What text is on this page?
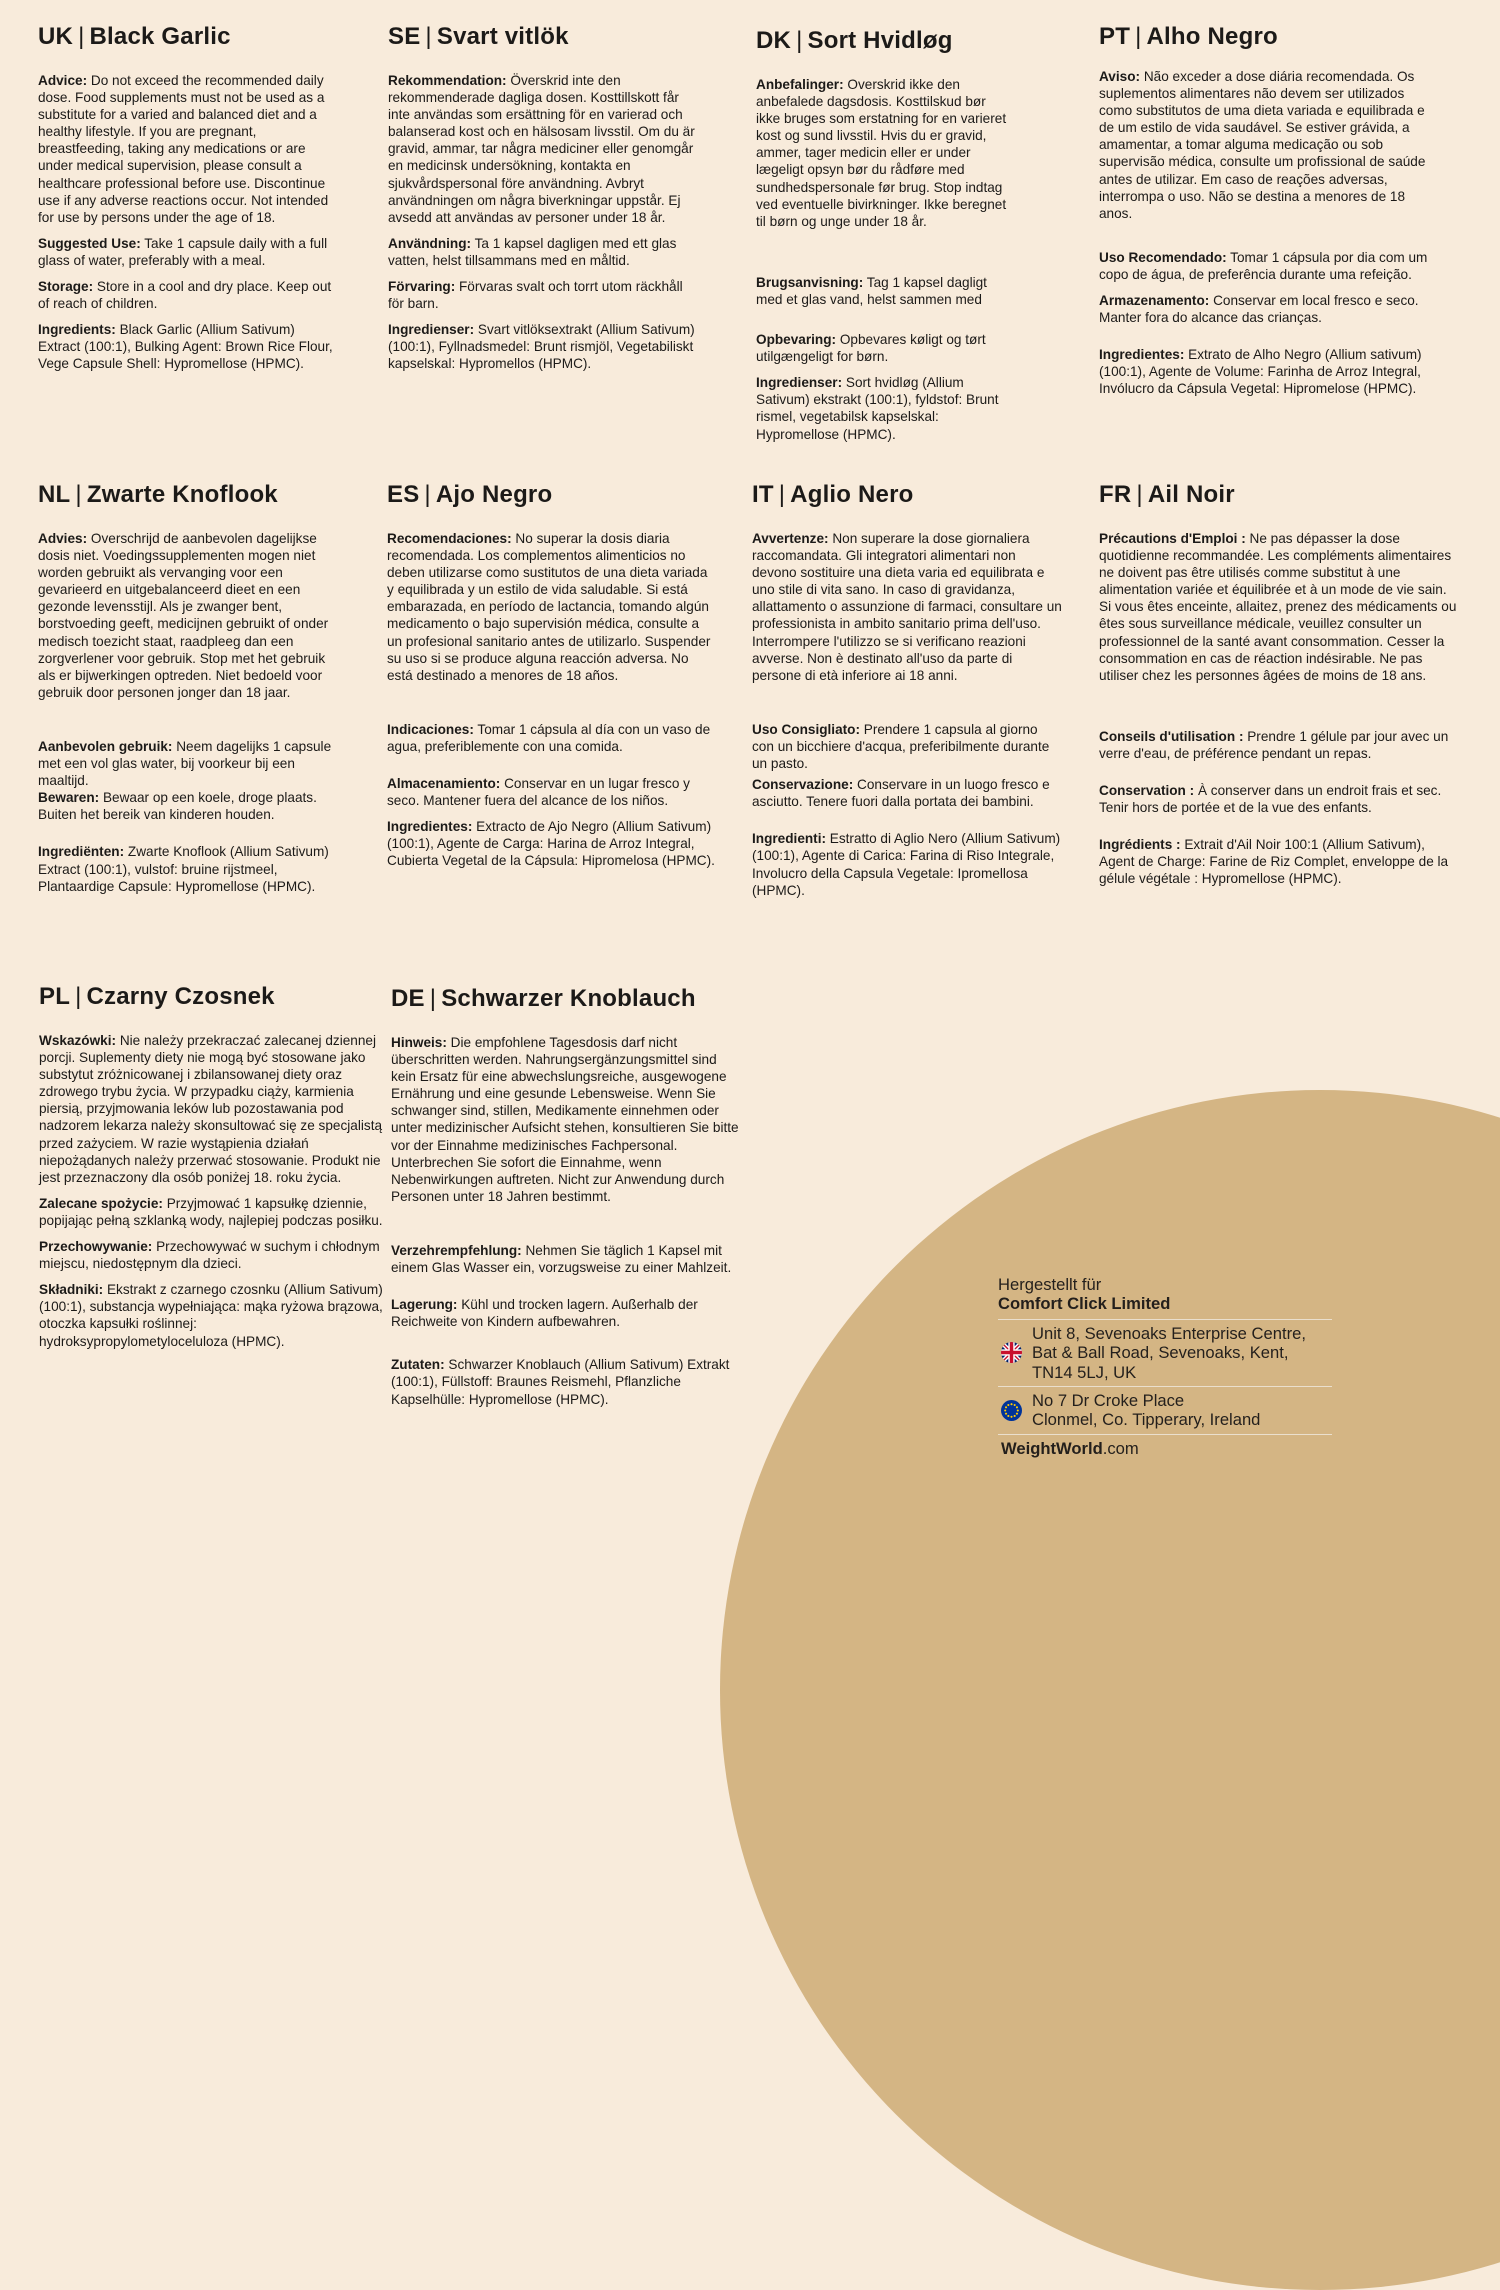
UK | Black Garlic

Advice: Do not exceed the recommended daily dose. Food supplements must not be used as a substitute for a varied and balanced diet and a healthy lifestyle. If you are pregnant, breastfeeding, taking any medications or are under medical supervision, please consult a healthcare professional before use. Discontinue use if any adverse reactions occur. Not intended for use by persons under the age of 18.

Suggested Use: Take 1 capsule daily with a full glass of water, preferably with a meal.

Storage: Store in a cool and dry place. Keep out of reach of children.

Ingredients: Black Garlic (Allium Sativum) Extract (100:1), Bulking Agent: Brown Rice Flour, Vege Capsule Shell: Hypromellose (HPMC).

SE | Svart vitlök

Rekommendation: Överskrid inte den rekommenderade dagliga dosen. Kosttillskott får inte användas som ersättning för en varierad och balanserad kost och en hälsosam livsstil. Om du är gravid, ammar, tar några mediciner eller genomgår en medicinsk undersökning, kontakta en sjukvårdspersonal före användning. Avbryt användningen om några biverkningar uppstår. Ej avsedd att användas av personer under 18 år.

Användning: Ta 1 kapsel dagligen med ett glas vatten, helst tillsammans med en måltid.

Förvaring: Förvaras svalt och torrt utom räckhåll för barn.

Ingredienser: Svart vitlöksextrakt (Allium Sativum) (100:1), Fyllnadsmedel: Brunt rismjöl, Vegetabiliskt kapselskal: Hypromellos (HPMC).

DK | Sort Hvidløg

Anbefalinger: Overskrid ikke den anbefalede dagsdosis. Kosttilskud bør ikke bruges som erstatning for en varieret kost og sund livsstil. Hvis du er gravid, ammer, tager medicin eller er under lægeligt opsyn bør du rådføre med sundhedspersonale før brug. Stop indtag ved eventuelle bivirkninger. Ikke beregnet til børn og unge under 18 år.

Brugsanvisning: Tag 1 kapsel dagligt med et glas vand, helst sammen med

Opbevaring: Opbevares køligt og tørt utilgængeligt for børn.

Ingredienser: Sort hvidløg (Allium Sativum) ekstrakt (100:1), fyldstof: Brunt rismel, vegetabilsk kapselskal: Hypromellose (HPMC).

PT | Alho Negro

Aviso: Não exceder a dose diária recomendada. Os suplementos alimentares não devem ser utilizados como substitutos de uma dieta variada e equilibrada e de um estilo de vida saudável. Se estiver grávida, a amamentar, a tomar alguma medicação ou sob supervisão médica, consulte um profissional de saúde antes de utilizar. Em caso de reações adversas, interrompa o uso. Não se destina a menores de 18 anos.

Uso Recomendado: Tomar 1 cápsula por dia com um copo de água, de preferência durante uma refeição.

Armazenamento: Conservar em local fresco e seco. Manter fora do alcance das crianças.

Ingredientes: Extrato de Alho Negro (Allium sativum) (100:1), Agente de Volume: Farinha de Arroz Integral, Invólucro da Cápsula Vegetal: Hipromelose (HPMC).

NL | Zwarte Knoflook

Advies: Overschrijd de aanbevolen dagelijkse dosis niet. Voedingssupplementen mogen niet worden gebruikt als vervanging voor een gevarieerd en uitgebalanceerd dieet en een gezonde levensstijl. Als je zwanger bent, borstvoeding geeft, medicijnen gebruikt of onder medisch toezicht staat, raadpleeg dan een zorgverlener voor gebruik. Stop met het gebruik als er bijwerkingen optreden. Niet bedoeld voor gebruik door personen jonger dan 18 jaar.

Aanbevolen gebruik: Neem dagelijks 1 capsule met een vol glas water, bij voorkeur bij een maaltijd.

Bewaren: Bewaar op een koele, droge plaats. Buiten het bereik van kinderen houden.

Ingrediënten: Zwarte Knoflook (Allium Sativum) Extract (100:1), vulstof: bruine rijstmeel, Plantaardige Capsule: Hypromellose (HPMC).

ES | Ajo Negro

Recomendaciones: No superar la dosis diaria recomendada. Los complementos alimenticios no deben utilizarse como sustitutos de una dieta variada y equilibrada y un estilo de vida saludable. Si está embarazada, en período de lactancia, tomando algún medicamento o bajo supervisión médica, consulte a un profesional sanitario antes de utilizarlo. Suspender su uso si se produce alguna reacción adversa. No está destinado a menores de 18 años.

Indicaciones: Tomar 1 cápsula al día con un vaso de agua, preferiblemente con una comida.

Almacenamiento: Conservar en un lugar fresco y seco. Mantener fuera del alcance de los niños.

Ingredientes: Extracto de Ajo Negro (Allium Sativum) (100:1), Agente de Carga: Harina de Arroz Integral, Cubierta Vegetal de la Cápsula: Hipromelosa (HPMC).

IT | Aglio Nero

Avvertenze: Non superare la dose giornaliera raccomandata. Gli integratori alimentari non devono sostituire una dieta varia ed equilibrata e uno stile di vita sano. In caso di gravidanza, allattamento o assunzione di farmaci, consultare un professionista in ambito sanitario prima dell'uso. Interrompere l'utilizzo se si verificano reazioni avverse. Non è destinato all'uso da parte di persone di età inferiore ai 18 anni.

Uso Consigliato: Prendere 1 capsula al giorno con un bicchiere d'acqua, preferibilmente durante un pasto.

Conservazione: Conservare in un luogo fresco e asciutto. Tenere fuori dalla portata dei bambini.

Ingredienti: Estratto di Aglio Nero (Allium Sativum) (100:1), Agente di Carica: Farina di Riso Integrale, Involucro della Capsula Vegetale: Ipromellosa (HPMC).

FR | Ail Noir

Précautions d'Emploi : Ne pas dépasser la dose quotidienne recommandée. Les compléments alimentaires ne doivent pas être utilisés comme substitut à une alimentation variée et équilibrée et à un mode de vie sain. Si vous êtes enceinte, allaitez, prenez des médicaments ou êtes sous surveillance médicale, veuillez consulter un professionnel de la santé avant consommation. Cesser la consommation en cas de réaction indésirable. Ne pas utiliser chez les personnes âgées de moins de 18 ans.

Conseils d'utilisation : Prendre 1 gélule par jour avec un verre d'eau, de préférence pendant un repas.

Conservation : À conserver dans un endroit frais et sec. Tenir hors de portée et de la vue des enfants.

Ingrédients : Extrait d'Ail Noir 100:1 (Allium Sativum), Agent de Charge: Farine de Riz Complet, enveloppe de la gélule végétale : Hypromellose (HPMC).

PL | Czarny Czosnek

Wskazówki: Nie należy przekraczać zalecanej dziennej porcji. Suplementy diety nie mogą być stosowane jako substytut zróżnicowanej i zbilansowanej diety oraz zdrowego trybu życia. W przypadku ciąży, karmienia piersią, przyjmowania leków lub pozostawania pod nadzorem lekarza należy skonsultować się ze specjalistą przed zażyciem. W razie wystąpienia działań niepożądanych należy przerwać stosowanie. Produkt nie jest przeznaczony dla osób poniżej 18. roku życia.

Zalecane spożycie: Przyjmować 1 kapsułkę dziennie, popijając pełną szklanką wody, najlepiej podczas posiłku.

Przechowywanie: Przechowywać w suchym i chłodnym miejscu, niedostępnym dla dzieci.

Składniki: Ekstrakt z czarnego czosnku (Allium Sativum) (100:1), substancja wypełniająca: mąka ryżowa brązowa, otoczka kapsułki roślinnej: hydroksypropylometyloceluloza (HPMC).

DE | Schwarzer Knoblauch

Hinweis: Die empfohlene Tagesdosis darf nicht überschritten werden. Nahrungsergänzungsmittel sind kein Ersatz für eine abwechslungsreiche, ausgewogene Ernährung und eine gesunde Lebensweise. Wenn Sie schwanger sind, stillen, Medikamente einnehmen oder unter medizinischer Aufsicht stehen, konsultieren Sie bitte vor der Einnahme medizinisches Fachpersonal. Unterbrechen Sie sofort die Einnahme, wenn Nebenwirkungen auftreten. Nicht zur Anwendung durch Personen unter 18 Jahren bestimmt.

Verzehrempfehlung: Nehmen Sie täglich 1 Kapsel mit einem Glas Wasser ein, vorzugsweise zu einer Mahlzeit.

Lagerung: Kühl und trocken lagern. Außerhalb der Reichweite von Kindern aufbewahren.

Zutaten: Schwarzer Knoblauch (Allium Sativum) Extrakt (100:1), Füllstoff: Braunes Reismehl, Pflanzliche Kapselhülle: Hypromellose (HPMC).

Hergestellt für

Comfort Click Limited

Unit 8, Sevenoaks Enterprise Centre,
Bat & Ball Road, Sevenoaks, Kent,
TN14 5LJ, UK
No 7 Dr Croke Place
Clonmel, Co. Tipperary, Ireland
WeightWorld.com
